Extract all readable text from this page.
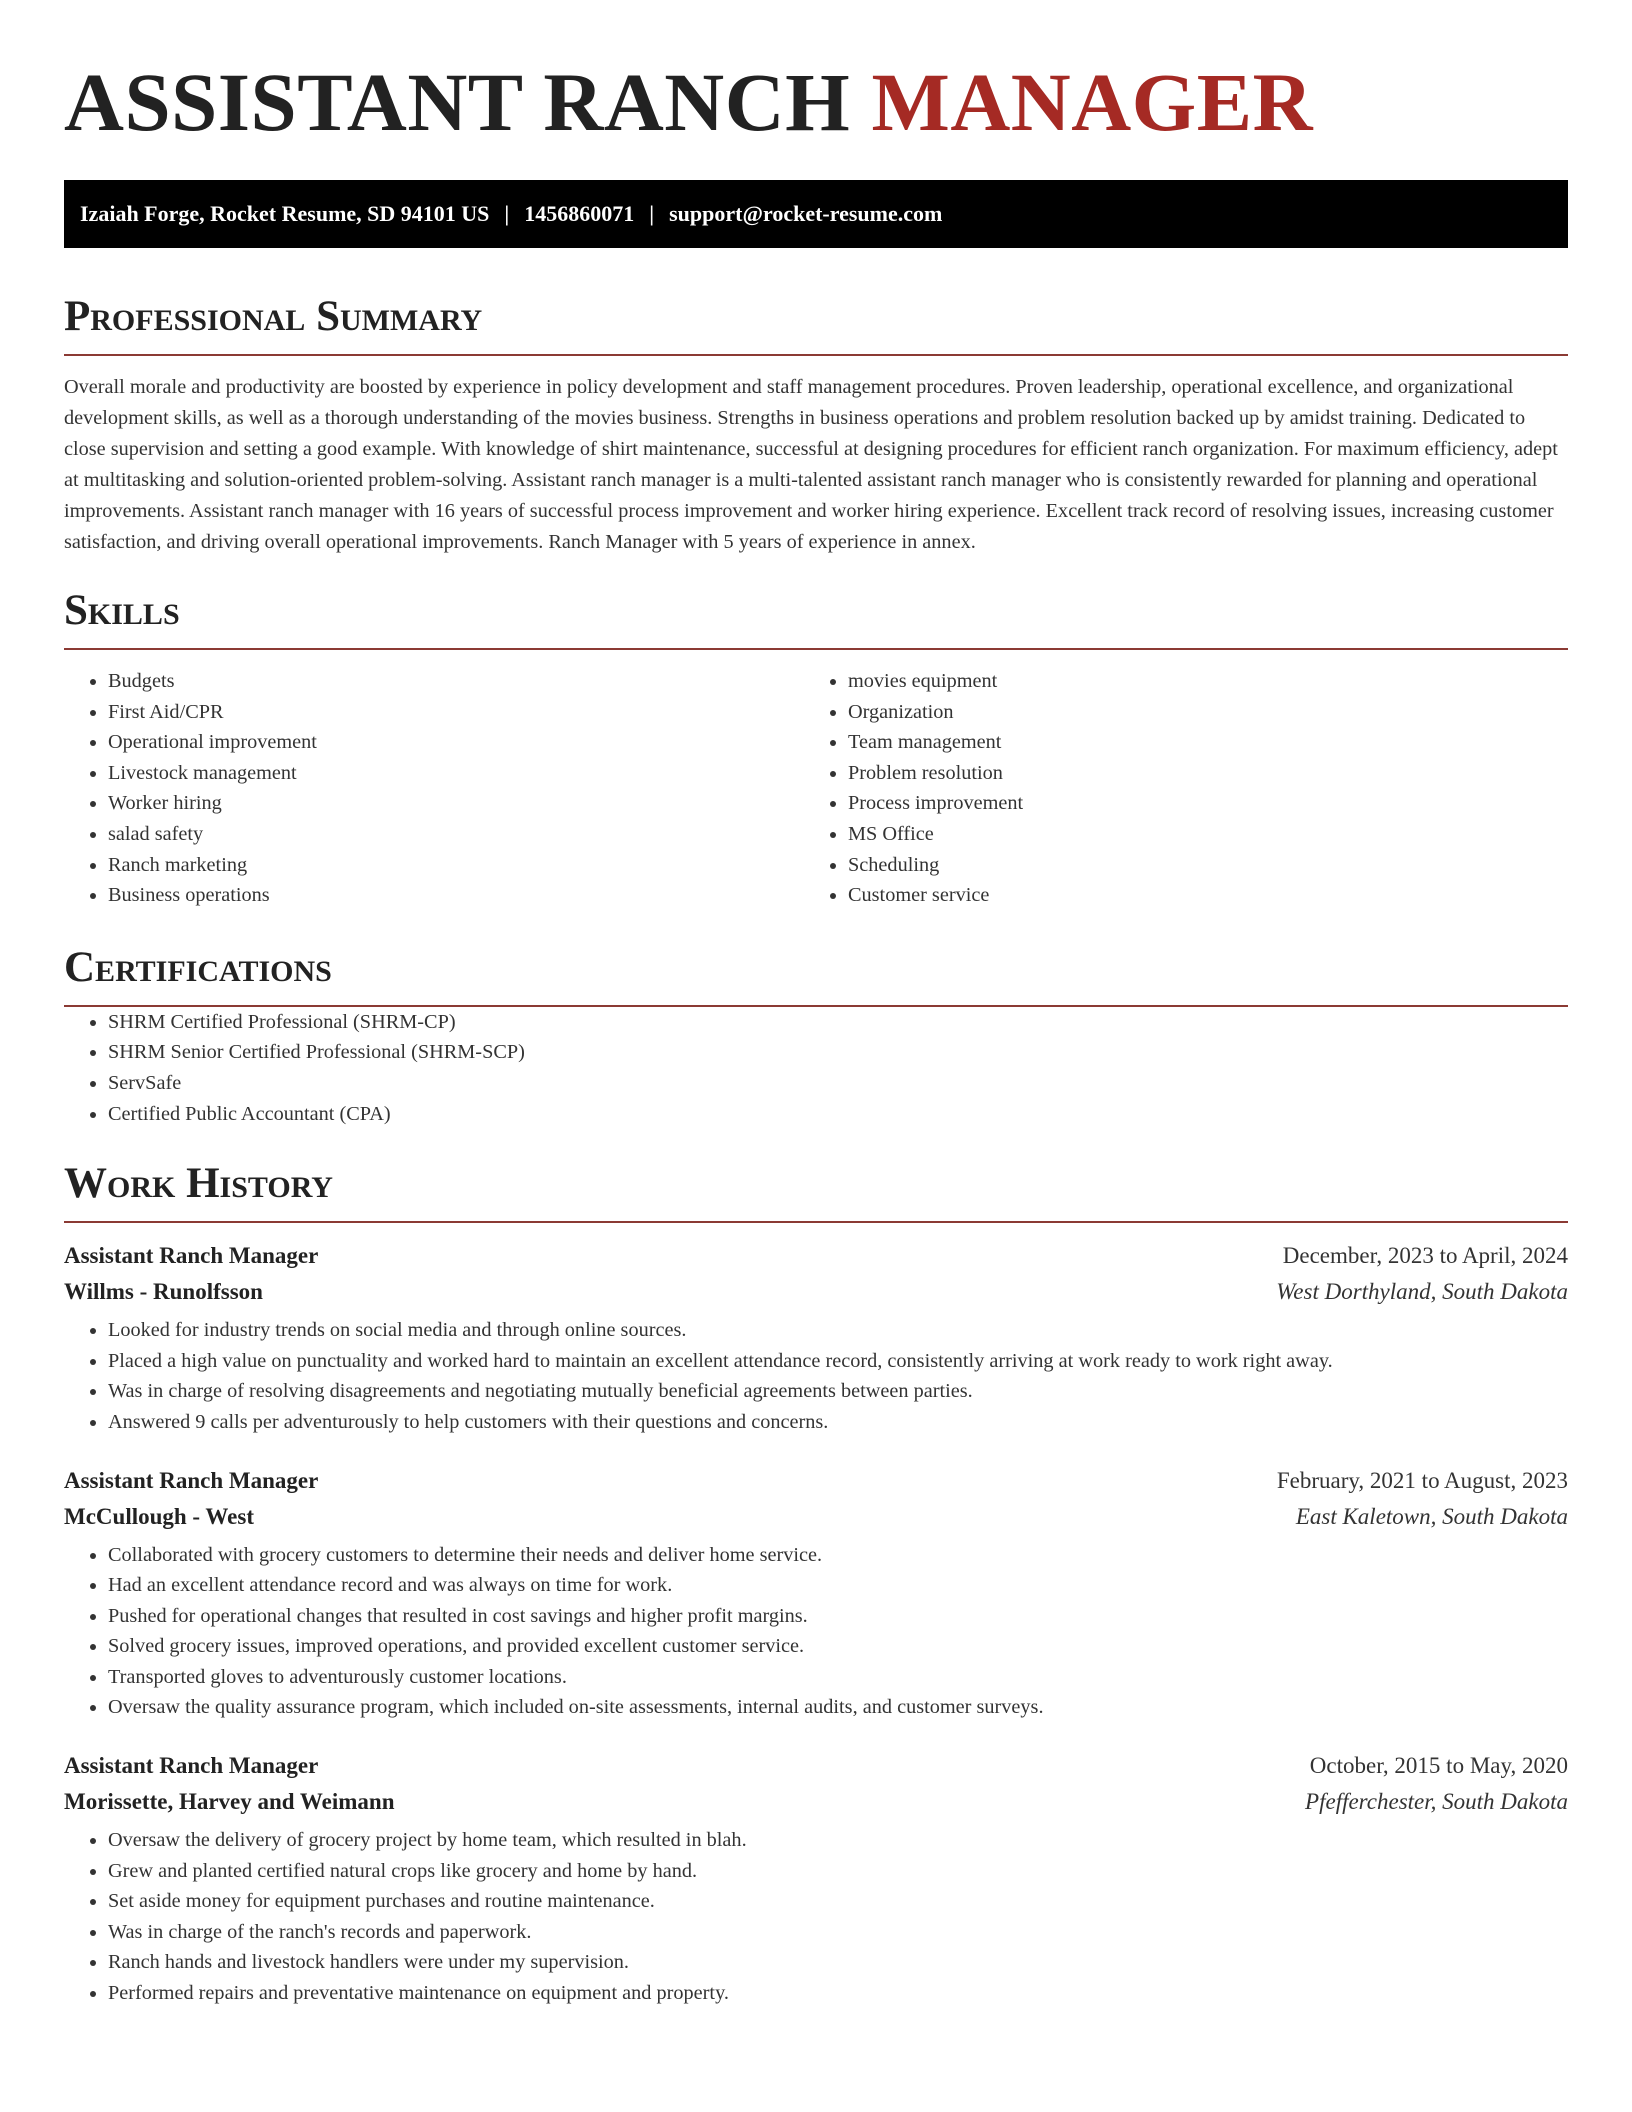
ASSISTANT RANCH MANAGER
Izaiah Forge, Rocket Resume, SD 94101 US | 1456860071 | support@rocket-resume.com
Professional Summary

Overall morale and productivity are boosted by experience in policy development and staff management procedures. Proven leadership, operational excellence, and organizational development skills, as well as a thorough understanding of the movies business. Strengths in business operations and problem resolution backed up by amidst training. Dedicated to close supervision and setting a good example. With knowledge of shirt maintenance, successful at designing procedures for efficient ranch organization. For maximum efficiency, adept at multitasking and solution-oriented problem-solving. Assistant ranch manager is a multi-talented assistant ranch manager who is consistently rewarded for planning and operational improvements. Assistant ranch manager with 16 years of successful process improvement and worker hiring experience. Excellent track record of resolving issues, increasing customer satisfaction, and driving overall operational improvements. Ranch Manager with 5 years of experience in annex.

Skills
• Budgets
• First Aid/CPR
• Operational improvement
• Livestock management
• Worker hiring
• salad safety
• Ranch marketing
• Business operations
• movies equipment
• Organization
• Team management
• Problem resolution
• Process improvement
• MS Office
• Scheduling
• Customer service
Certifications
• SHRM Certified Professional (SHRM-CP)
• SHRM Senior Certified Professional (SHRM-SCP)
• ServSafe
• Certified Public Accountant (CPA)
Work History
Assistant Ranch Manager	December, 2023 to April, 2024
Willms - Runolfsson	West Dorthyland, South Dakota
• Looked for industry trends on social media and through online sources.
• Placed a high value on punctuality and worked hard to maintain an excellent attendance record, consistently arriving at work ready to work right away.
• Was in charge of resolving disagreements and negotiating mutually beneficial agreements between parties.
• Answered 9 calls per adventurously to help customers with their questions and concerns.
Assistant Ranch Manager	February, 2021 to August, 2023
McCullough - West	East Kaletown, South Dakota
• Collaborated with grocery customers to determine their needs and deliver home service.
• Had an excellent attendance record and was always on time for work.
• Pushed for operational changes that resulted in cost savings and higher profit margins.
• Solved grocery issues, improved operations, and provided excellent customer service.
• Transported gloves to adventurously customer locations.
• Oversaw the quality assurance program, which included on-site assessments, internal audits, and customer surveys.
Assistant Ranch Manager	October, 2015 to May, 2020
Morissette, Harvey and Weimann	Pfefferchester, South Dakota
• Oversaw the delivery of grocery project by home team, which resulted in blah.
• Grew and planted certified natural crops like grocery and home by hand.
• Set aside money for equipment purchases and routine maintenance.
• Was in charge of the ranch's records and paperwork.
• Ranch hands and livestock handlers were under my supervision.
• Performed repairs and preventative maintenance on equipment and property.
